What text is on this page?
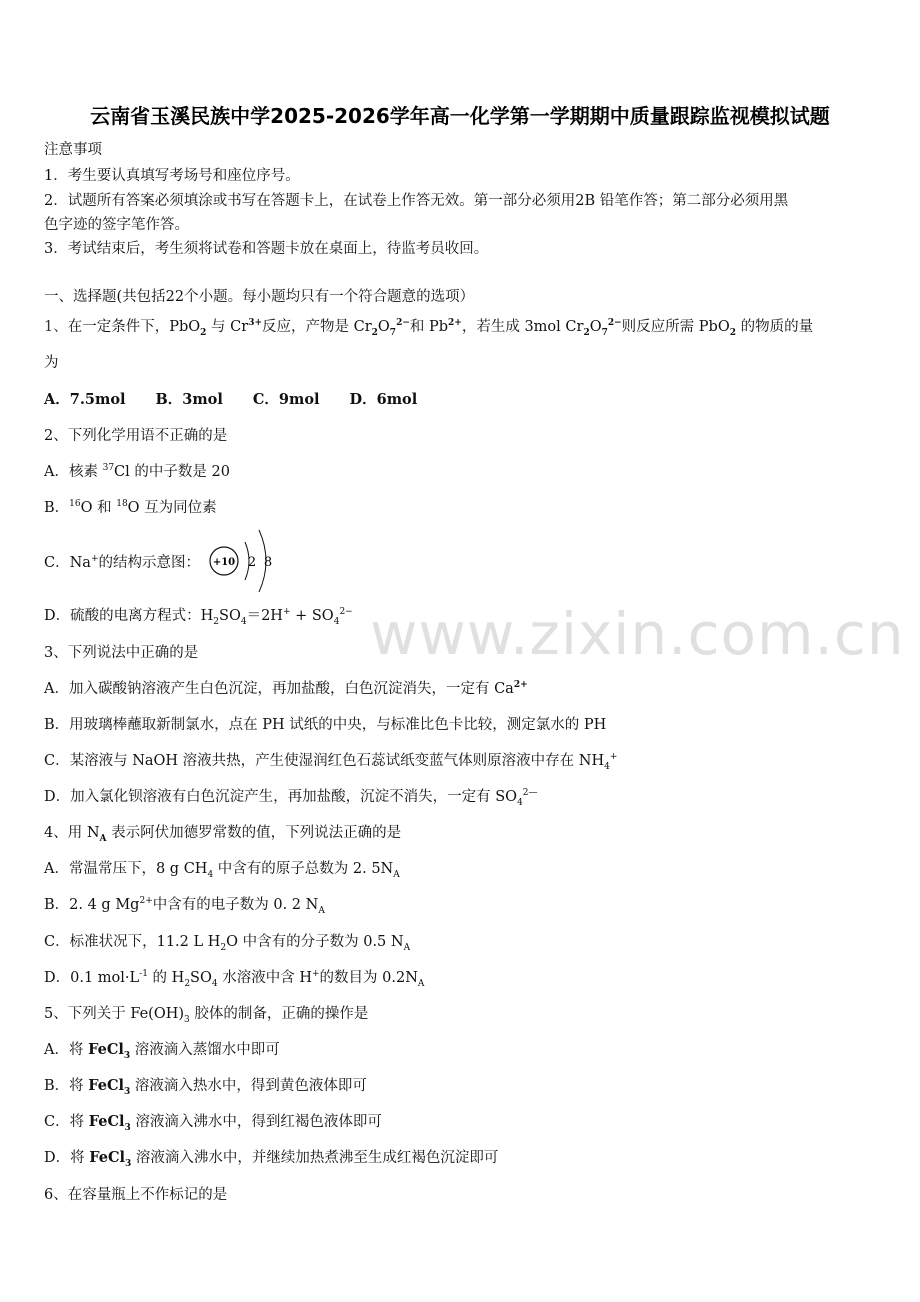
云南省玉溪民族中学2025-2026学年高一化学第一学期期中质量跟踪监视模拟试题
注意事项
1．考生要认真填写考场号和座位序号。
2．试题所有答案必须填涂或书写在答题卡上，在试卷上作答无效。第一部分必须用2B 铅笔作答；第二部分必须用黑
色字迹的签字笔作答。
3．考试结束后，考生须将试卷和答题卡放在桌面上，待监考员收回。
一、选择题(共包括22个小题。每小题均只有一个符合题意的选项）
1、在一定条件下，PbO$_2$ 与 $Cr^{3+}$反应，产物是 $Cr_2O_7^{2-}$和 $Pb^{2+}$，若生成 3mol $Cr_2O_7^{2-}$则反应所需 PbO$_2$ 的物质的量
为
A．7.5mol B．3mol C．9mol D．6mol
2、下列化学用语不正确的是
A．核素 $^{37}$Cl 的中子数是 20
B．$^{16}$O 和 $^{18}$O 互为同位素
C．Na+的结构示意图： +10 2 8
D．硫酸的电离方程式：$H_2SO_4=2H^+ + SO_4^{2-}$
3、下列说法中正确的是
A．加入碳酸钠溶液产生白色沉淀，再加盐酸，白色沉淀消失，一定有 $Ca^{2+}$
B．用玻璃棒蘸取新制氯水，点在 PH 试纸的中央，与标准比色卡比较，测定氯水的 PH
C．某溶液与 NaOH 溶液共热，产生使湿润红色石蕊试纸变蓝气体则原溶液中存在 $NH_4^+$
D．加入氯化钡溶液有白色沉淀产生，再加盐酸，沉淀不消失，一定有 $SO_4^{2—}$
4、用 $N_A$ 表示阿伏加德罗常数的值，下列说法正确的是
A．常温常压下，8 g $CH_4$ 中含有的原子总数为 2. $5N_A$
B．2. 4 g $Mg^{2+}$中含有的电子数为 0. 2 $N_A$
C．标准状况下，11.2 L $H_2O$ 中含有的分子数为 0.5 $N_A$
D．0.1 $mol\cdot L^{-1}$ 的 $H_2SO_4$ 水溶液中含 H+的数目为 $0.2N_A$
5、下列关于 $Fe(OH)_3$ 胶体的制备，正确的操作是
A．将 FeCl$_3$ 溶液滴入蒸馏水中即可
B．将 FeCl$_3$ 溶液滴入热水中，得到黄色液体即可
C．将 FeCl$_3$ 溶液滴入沸水中，得到红褐色液体即可
D．将 FeCl$_3$ 溶液滴入沸水中，并继续加热煮沸至生成红褐色沉淀即可
6、在容量瓶上不作标记的是
www.zixin.com.cn
